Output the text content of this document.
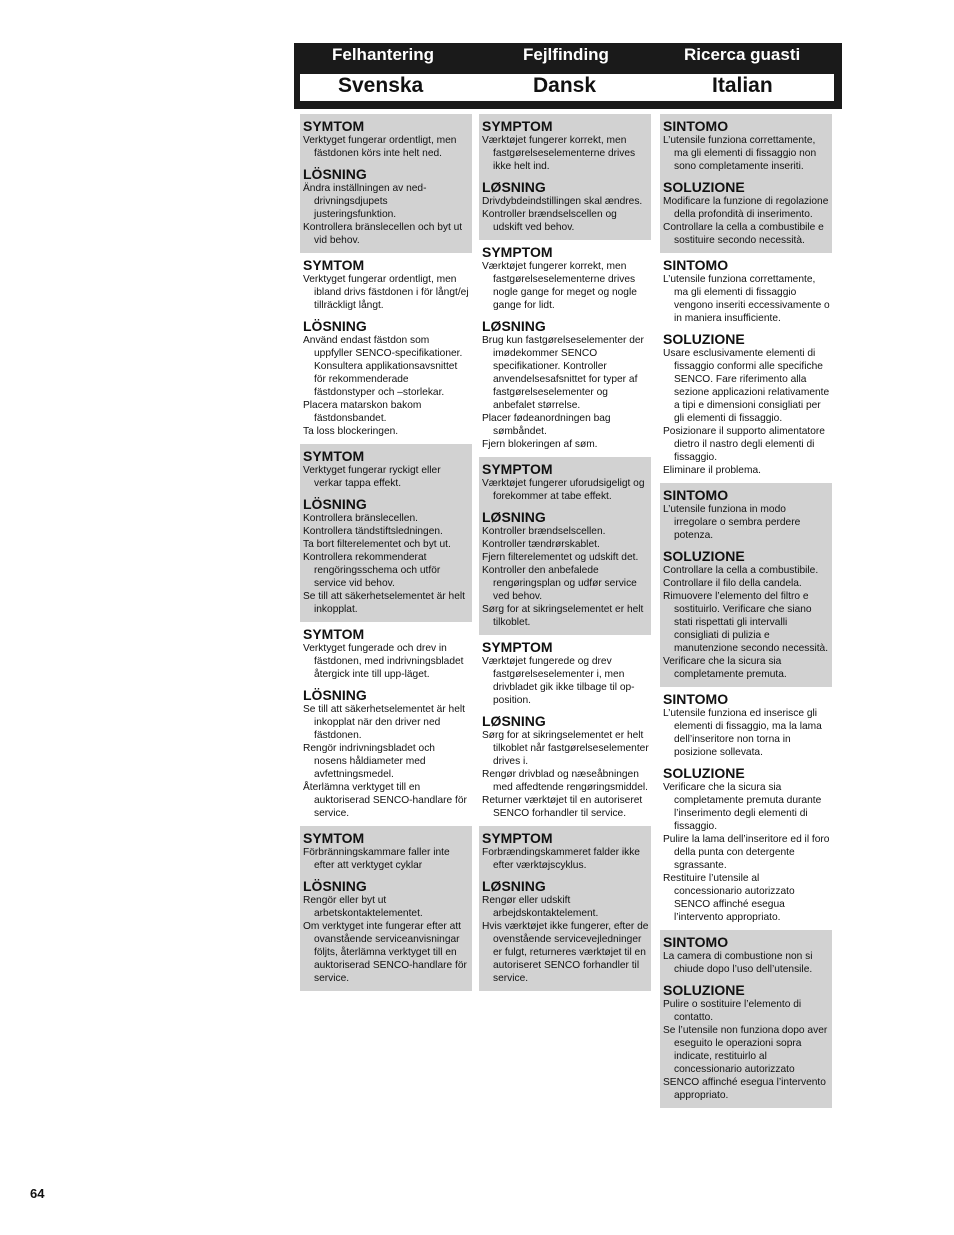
Felhantering	Fejlfinding	Ricerca guasti
Svenska	Dansk	Italian
SYMTOM

Verktyget fungerar ordentligt, men fästdonen körs inte helt ned.

LÖSNING

Ändra inställningen av ned-drivningsdjupets justeringsfunktion.

Kontrollera bränslecellen och byt ut vid behov.

SYMTOM

Verktyget fungerar ordentligt, men ibland drivs fästdonen i för långt/ej tillräckligt långt.

LÖSNING

Använd endast fästdon som uppfyller SENCO-specifikationer. Konsultera applikationsavsnittet för rekommenderade fästdonstyper och –storlekar.

Placera matarskon bakom fästdonsbandet.

Ta loss blockeringen.

SYMTOM

Verktyget fungerar ryckigt eller verkar tappa effekt.

LÖSNING

Kontrollera bränslecellen.

Kontrollera tändstiftsledningen.

Ta bort filterelementet och byt ut.

Kontrollera rekommenderat rengöringsschema och utför service vid behov.

Se till att säkerhetselementet är helt inkopplat.

SYMTOM

Verktyget fungerade och drev in fästdonen, med indrivningsbladet återgick inte till upp-läget.

LÖSNING

Se till att säkerhetselementet är helt inkopplat när den driver ned fästdonen.

Rengör indrivningsbladet och nosens håldiameter med avfettningsmedel.

Återlämna verktyget till en auktoriserad SENCO-handlare för service.

SYMTOM

Förbränningskammare faller inte efter att verktyget cyklar

LÖSNING

Rengör eller byt ut arbetskontaktelementet.

Om verktyget inte fungerar efter att ovanstående serviceanvisningar följts, återlämna verktyget till en auktoriserad SENCO-handlare för service.

SYMPTOM

Værktøjet fungerer korrekt, men fastgørelseselementerne drives ikke helt ind.

LØSNING

Drivdybdeindstillingen skal ændres.

Kontroller brændselscellen og udskift ved behov.

SYMPTOM

Værktøjet fungerer korrekt, men fastgørelseselementerne drives nogle gange for meget og nogle gange for lidt.

LØSNING

Brug kun fastgørelseselementer der imødekommer SENCO specifikationer. Kontroller anvendelsesafsnittet for typer af fastgørelseselementer og anbefalet størrelse.

Placer fødeanordningen bag sømbåndet.

Fjern blokeringen af søm.

SYMPTOM

Værktøjet fungerer uforudsigeligt og forekommer at tabe effekt.

LØSNING

Kontroller brændselscellen.

Kontroller tændrørskablet.

Fjern filterelementet og udskift det.

Kontroller den anbefalede rengøringsplan og udfør service ved behov.

Sørg for at sikringselementet er helt tilkoblet.

SYMPTOM

Værktøjet fungerede og drev fastgørelseselementer i, men drivbladet gik ikke tilbage til op-position.

LØSNING

Sørg for at sikringselementet er helt tilkoblet når fastgørelseselementer drives i.

Rengør drivblad og næseåbningen med affedtende rengøringsmiddel.

Returner værktøjet til en autoriseret SENCO forhandler til service.

SYMPTOM

Forbrændingskammeret falder ikke efter værktøjscyklus.

LØSNING

Rengør eller udskift arbejdskontaktelement.

Hvis værktøjet ikke fungerer, efter de ovenstående servicevejledninger er fulgt, returneres værktøjet til en autoriseret SENCO forhandler til service.

SINTOMO

L’utensile funziona correttamente, ma gli elementi di fissaggio non sono completamente inseriti.

SOLUZIONE

Modificare la funzione di regolazione della profondità di inserimento.

Controllare la cella a combustibile e sostituire secondo necessità.

SINTOMO

L’utensile funziona correttamente, ma gli elementi di fissaggio vengono inseriti eccessivamente o in maniera insufficiente.

SOLUZIONE

Usare esclusivamente elementi di fissaggio conformi alle specifiche SENCO. Fare riferimento alla sezione applicazioni relativamente a tipi e dimensioni consigliati per gli elementi di fissaggio.

Posizionare il supporto alimentatore dietro il nastro degli elementi di fissaggio.

Eliminare il problema.

SINTOMO

L’utensile funziona in modo irregolare o sembra perdere potenza.

SOLUZIONE

Controllare la cella a combustibile.

Controllare il filo della candela.

Rimuovere l’elemento del filtro e sostituirlo. Verificare che siano stati rispettati gli intervalli consigliati di pulizia e manutenzione secondo necessità.

Verificare che la sicura sia completamente premuta.

SINTOMO

L’utensile funziona ed inserisce gli elementi di fissaggio, ma la lama dell’inseritore non torna in posizione sollevata.

SOLUZIONE

Verificare che la sicura sia completamente premuta durante l’inserimento degli elementi di fissaggio.

Pulire la lama dell’inseritore ed il foro della punta con detergente sgrassante.

Restituire l’utensile al concessionario autorizzato SENCO affinché esegua l’intervento appropriato.

SINTOMO

La camera di combustione non si chiude dopo l’uso dell’utensile.

SOLUZIONE

Pulire o sostituire l’elemento di contatto.

Se l’utensile non funziona dopo aver eseguito le operazioni sopra indicate, restituirlo al concessionario autorizzato

SENCO affinché esegua l’intervento appropriato.

64
